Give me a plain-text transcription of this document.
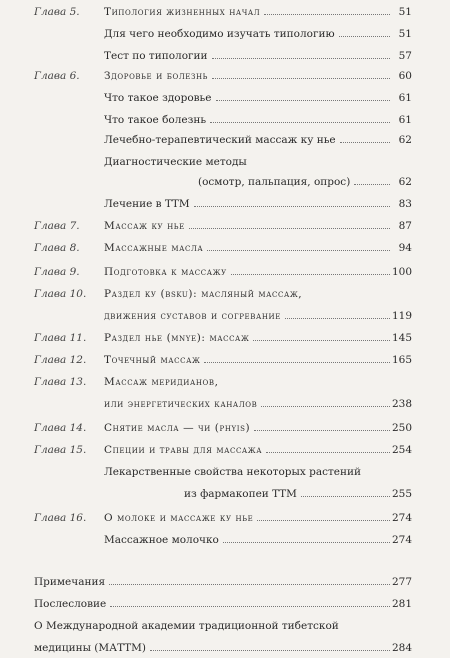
Глава 5. Типология жизненных начал	51
Для чего необходимо изучать типологию	51
Тест по типологии	57
Глава 6. Здоровье и болезнь	60
Что такое здоровье	61
Что такое болезнь	61
Лечебно-терапевтический массаж ку нье	62
Диагностические методы
(осмотр, пальпация, опрос)	62
Лечение в ТТМ	83
Глава 7. Массаж ку нье	87
Глава 8. Массажные масла	94
Глава 9. Подготовка к массажу	100
Глава 10. Раздел ку (bsku): масляный массаж,
движения суставов и согревание	119
Глава 11. Раздел нье (mnye): массаж	145
Глава 12. Точечный массаж	165
Глава 13. Массаж меридианов,
или энергетических каналов	238
Глава 14. Снятие масла — чи (phyis)	250
Глава 15. Специи и травы для массажа	254
Лекарственные свойства некоторых растений
из фармакопеи ТТМ	255
Глава 16. О молоке и массаже ку нье	274
Массажное молочко	274
Примечания	277
Послесловие	281
О Международной академии традиционной тибетской
медицины (МАТТМ)	284
